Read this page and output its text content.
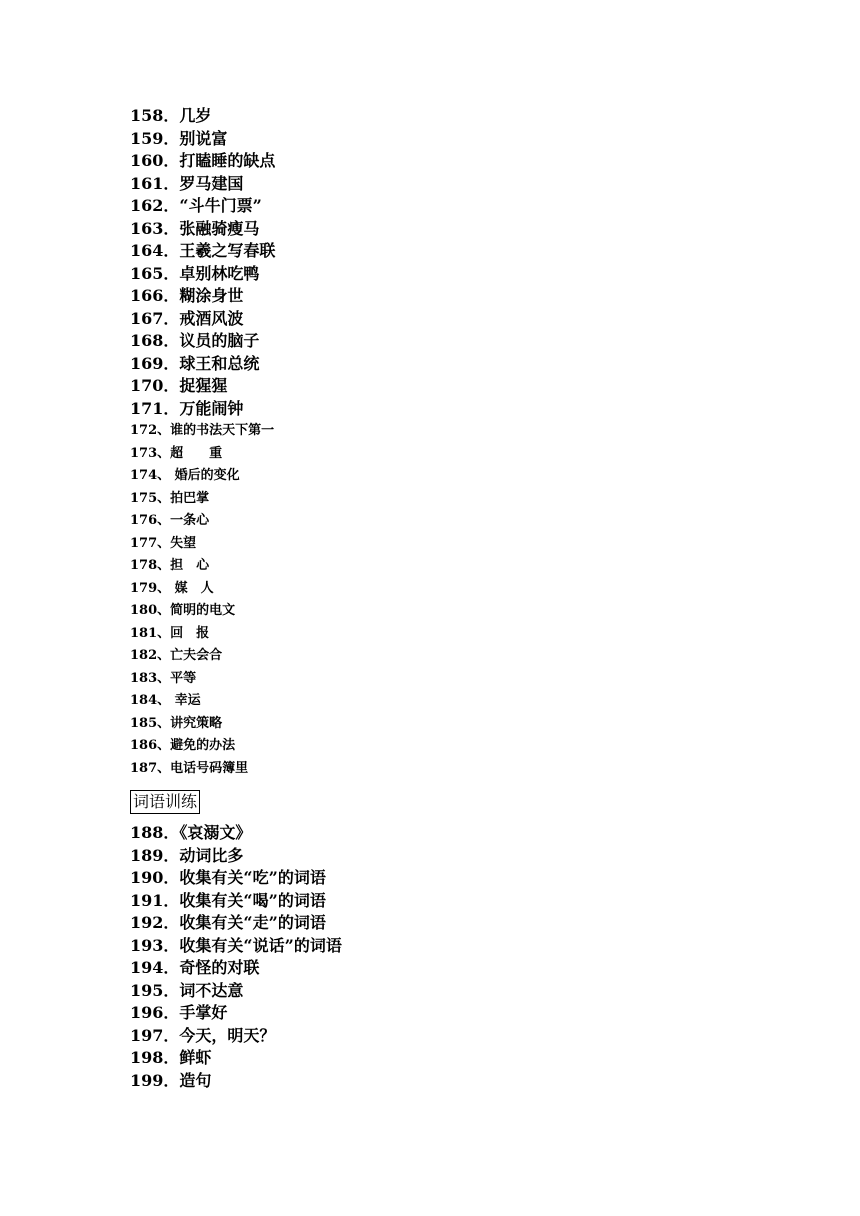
158．几岁
159．别说富
160．打瞌睡的缺点
161．罗马建国
162．“斗牛门票”
163．张融骑瘦马
164．王羲之写春联
165．卓别林吃鸭
166．糊涂身世
167．戒酒风波
168．议员的脑子
169．球王和总统
170．捉猩猩
171．万能闹钟
172、谁的书法天下第一
173、超　　重
174、 婚后的变化
175、拍巴掌
176、一条心
177、失望
178、担　心
179、 媒　人
180、简明的电文
181、回　报
182、亡夫会合
183、平等
184、 幸运
185、讲究策略
186、避免的办法
187、电话号码簿里
词语训练
188．《哀溺文》
189．动词比多
190．收集有关“吃”的词语
191．收集有关“喝”的词语
192．收集有关“走”的词语
193．收集有关“说话”的词语
194．奇怪的对联
195．词不达意
196．手掌好
197．今天，明天？
198．鲜虾
199．造句
